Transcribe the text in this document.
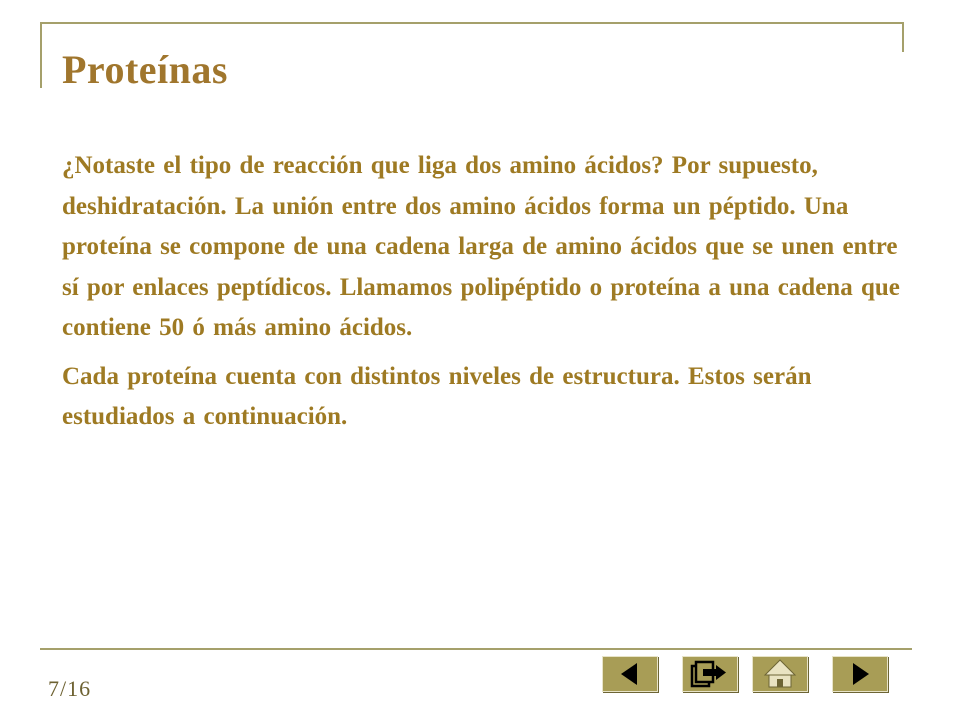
Proteínas

¿Notaste el tipo de reacción que liga dos amino ácidos? Por supuesto, deshidratación. La unión entre dos amino ácidos forma un péptido. Una proteína se compone de una cadena larga de amino ácidos que se unen entre sí por enlaces peptídicos. Llamamos polipéptido o proteína a una cadena que contiene 50 ó más amino ácidos.

Cada proteína cuenta con distintos niveles de estructura. Estos serán estudiados a continuación.

7/16
